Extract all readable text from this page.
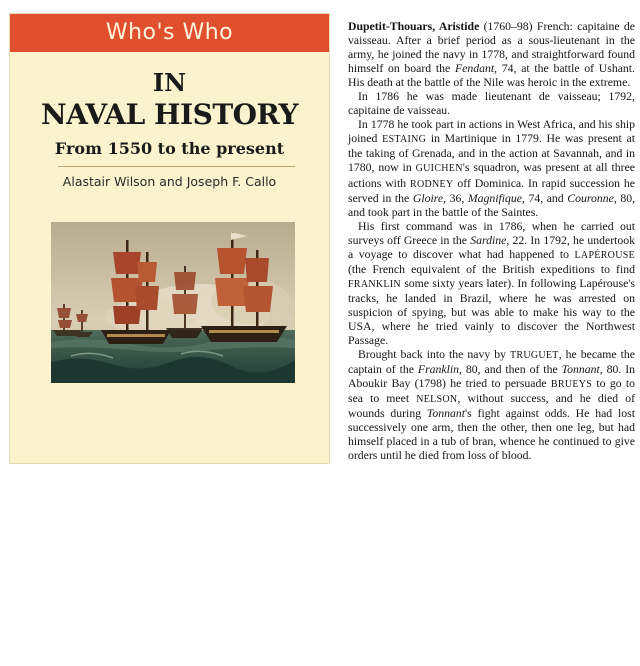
Who's Who
IN
NAVAL HISTORY
From 1550 to the present
Alastair Wilson and Joseph F. Callo

Dupetit-Thouars, Aristide (1760–98) French: capitaine de vaisseau. After a brief period as a sous-lieutenant in the army, he joined the navy in 1778, and straightforward found himself on board the Fendant, 74, at the battle of Ushant. His death at the battle of the Nile was heroic in the extreme.

In 1786 he was made lieutenant de vaisseau; 1792, capitaine de vaisseau.

In 1778 he took part in actions in West Africa, and his ship joined ESTAING in Martinique in 1779. He was present at the taking of Grenada, and in the action at Savannah, and in 1780, now in GUICHEN's squadron, was present at all three actions with RODNEY off Dominica. In rapid succession he served in the Gloire, 36, Magnifique, 74, and Couronne, 80, and took part in the battle of the Saintes.

His first command was in 1786, when he carried out surveys off Greece in the Sardine, 22. In 1792, he undertook a voyage to discover what had happened to LAPÉROUSE (the French equivalent of the British expeditions to find FRANKLIN some sixty years later). In following Lapérouse's tracks, he landed in Brazil, where he was arrested on suspicion of spying, but was able to make his way to the USA, where he tried vainly to discover the Northwest Passage.

Brought back into the navy by TRUGUET, he became the captain of the Franklin, 80, and then of the Tonnant, 80. In Aboukir Bay (1798) he tried to persuade BRUEYS to go to sea to meet NELSON, without success, and he died of wounds during Tonnant's fight against odds. He had lost successively one arm, then the other, then one leg, but had himself placed in a tub of bran, whence he continued to give orders until he died from loss of blood.
